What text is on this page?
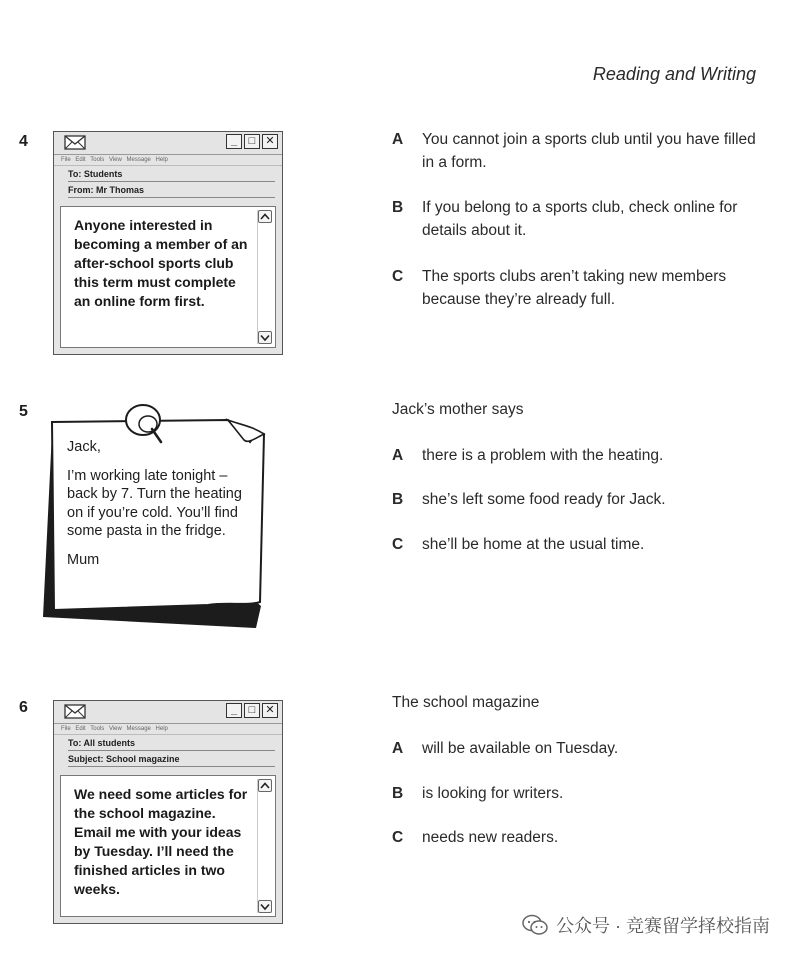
Reading and Writing
4	_	□ ✕
File Edit Tools View Message Help
To: Students
From: Mr Thomas
Anyone interested in becoming a member of an after-school sports club this term must complete an online form first.
A You cannot join a sports club until you have filled in a form.
B If you belong to a sports club, check online for details about it.
C The sports clubs aren’t taking new members because they’re already full.
5

Jack,

I’m working late tonight – back by 7. Turn the heating on if you’re cold. You’ll find some pasta in the fridge.

Mum

Jack’s mother says
A there is a problem with the heating.
B she’s left some food ready for Jack.
C she’ll be home at the usual time.
6	_	□ ✕
File Edit Tools View Message Help
To: All students
Subject: School magazine
We need some articles for the school magazine. Email me with your ideas by Tuesday. I’ll need the finished articles in two weeks.
The school magazine
A will be available on Tuesday.
B is looking for writers.
C needs new readers.
公众号 · 竞赛留学择校指南
